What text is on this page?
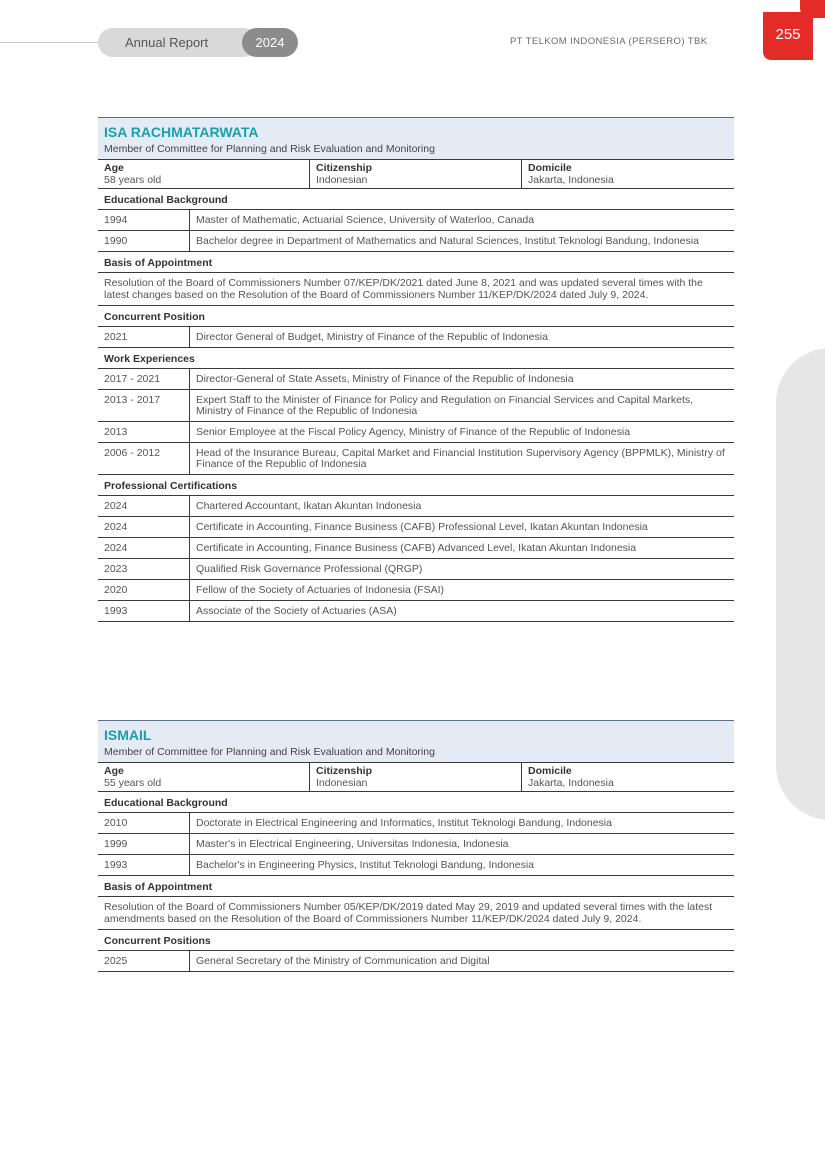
Annual Report	2024	PT TELKOM INDONESIA (PERSERO) TBK	255
ISA RACHMATARWATA
Member of Committee for Planning and Risk Evaluation and Monitoring
Age
58 years old
Citizenship
Indonesian
Domicile
Jakarta, Indonesia
Educational Background
1994	Master of Mathematic, Actuarial Science, University of Waterloo, Canada
1990	Bachelor degree in Department of Mathematics and Natural Sciences, Institut Teknologi Bandung, Indonesia
Basis of Appointment
Resolution of the Board of Commissioners Number 07/KEP/DK/2021 dated June 8, 2021 and was updated several times with the latest changes based on the Resolution of the Board of Commissioners Number 11/KEP/DK/2024 dated July 9, 2024.
Concurrent Position
2021	Director General of Budget, Ministry of Finance of the Republic of Indonesia
Work Experiences
2017 - 2021	Director-General of State Assets, Ministry of Finance of the Republic of Indonesia
2013 - 2017	Expert Staff to the Minister of Finance for Policy and Regulation on Financial Services and Capital Markets, Ministry of Finance of the Republic of Indonesia
2013	Senior Employee at the Fiscal Policy Agency, Ministry of Finance of the Republic of Indonesia
2006 - 2012	Head of the Insurance Bureau, Capital Market and Financial Institution Supervisory Agency (BPPMLK), Ministry of Finance of the Republic of Indonesia
Professional Certifications
2024	Chartered Accountant, Ikatan Akuntan Indonesia
2024	Certificate in Accounting, Finance Business (CAFB) Professional Level, Ikatan Akuntan Indonesia
2024	Certificate in Accounting, Finance Business (CAFB) Advanced Level, Ikatan Akuntan Indonesia
2023	Qualified Risk Governance Professional (QRGP)
2020	Fellow of the Society of Actuaries of Indonesia (FSAI)
1993	Associate of the Society of Actuaries (ASA)
ISMAIL
Member of Committee for Planning and Risk Evaluation and Monitoring
Age
55 years old
Citizenship
Indonesian
Domicile
Jakarta, Indonesia
Educational Background
2010	Doctorate in Electrical Engineering and Informatics, Institut Teknologi Bandung, Indonesia
1999	Master's in Electrical Engineering, Universitas Indonesia, Indonesia
1993	Bachelor's in Engineering Physics, Institut Teknologi Bandung, Indonesia
Basis of Appointment
Resolution of the Board of Commissioners Number 05/KEP/DK/2019 dated May 29, 2019 and updated several times with the latest amendments based on the Resolution of the Board of Commissioners Number 11/KEP/DK/2024 dated July 9, 2024.
Concurrent Positions
2025	General Secretary of the Ministry of Communication and Digital
